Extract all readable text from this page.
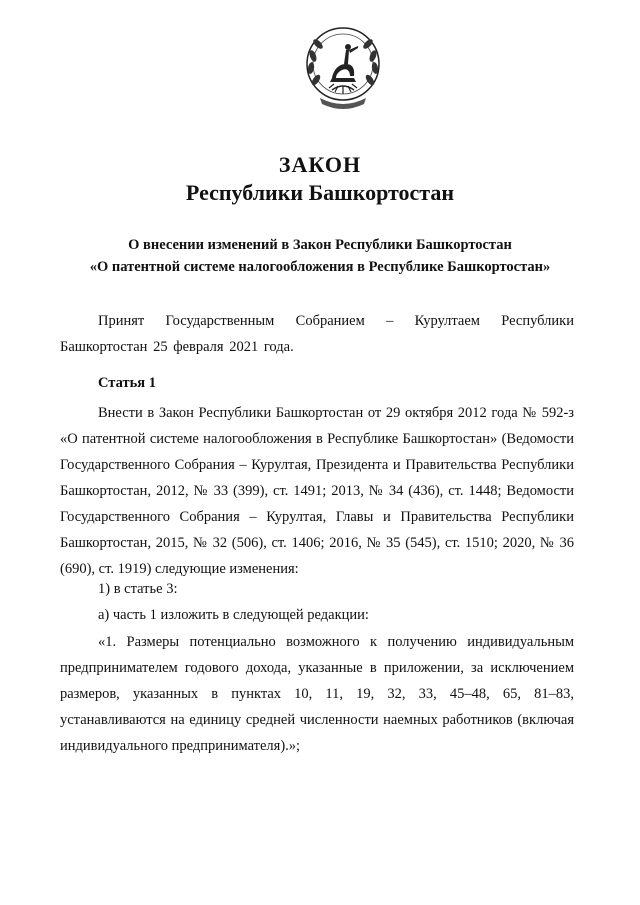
ЗАКОН
Республики Башкортостан
О внесении изменений в Закон Республики Башкортостан
«О патентной системе налогообложения в Республике Башкортостан»
Принят Государственным Собранием – Курултаем Республики Башкортостан 25 февраля 2021 года.
Статья 1
Внести в Закон Республики Башкортостан от 29 октября 2012 года № 592-з «О патентной системе налогообложения в Республике Башкортостан» (Ведомости Государственного Собрания – Курултая, Президента и Правительства Республики Башкортостан, 2012, № 33 (399), ст. 1491; 2013, № 34 (436), ст. 1448; Ведомости Государственного Собрания – Курултая, Главы и Правительства Республики Башкортостан, 2015, № 32 (506), ст. 1406; 2016, № 35 (545), ст. 1510; 2020, № 36 (690), ст. 1919) следующие изменения:
1) в статье 3:
а) часть 1 изложить в следующей редакции:
«1. Размеры потенциально возможного к получению индивидуальным предпринимателем годового дохода, указанные в приложении, за исключением размеров, указанных в пунктах 10, 11, 19, 32, 33, 45–48, 65, 81–83, устанавливаются на единицу средней численности наемных работников (включая индивидуального предпринимателя).»;
